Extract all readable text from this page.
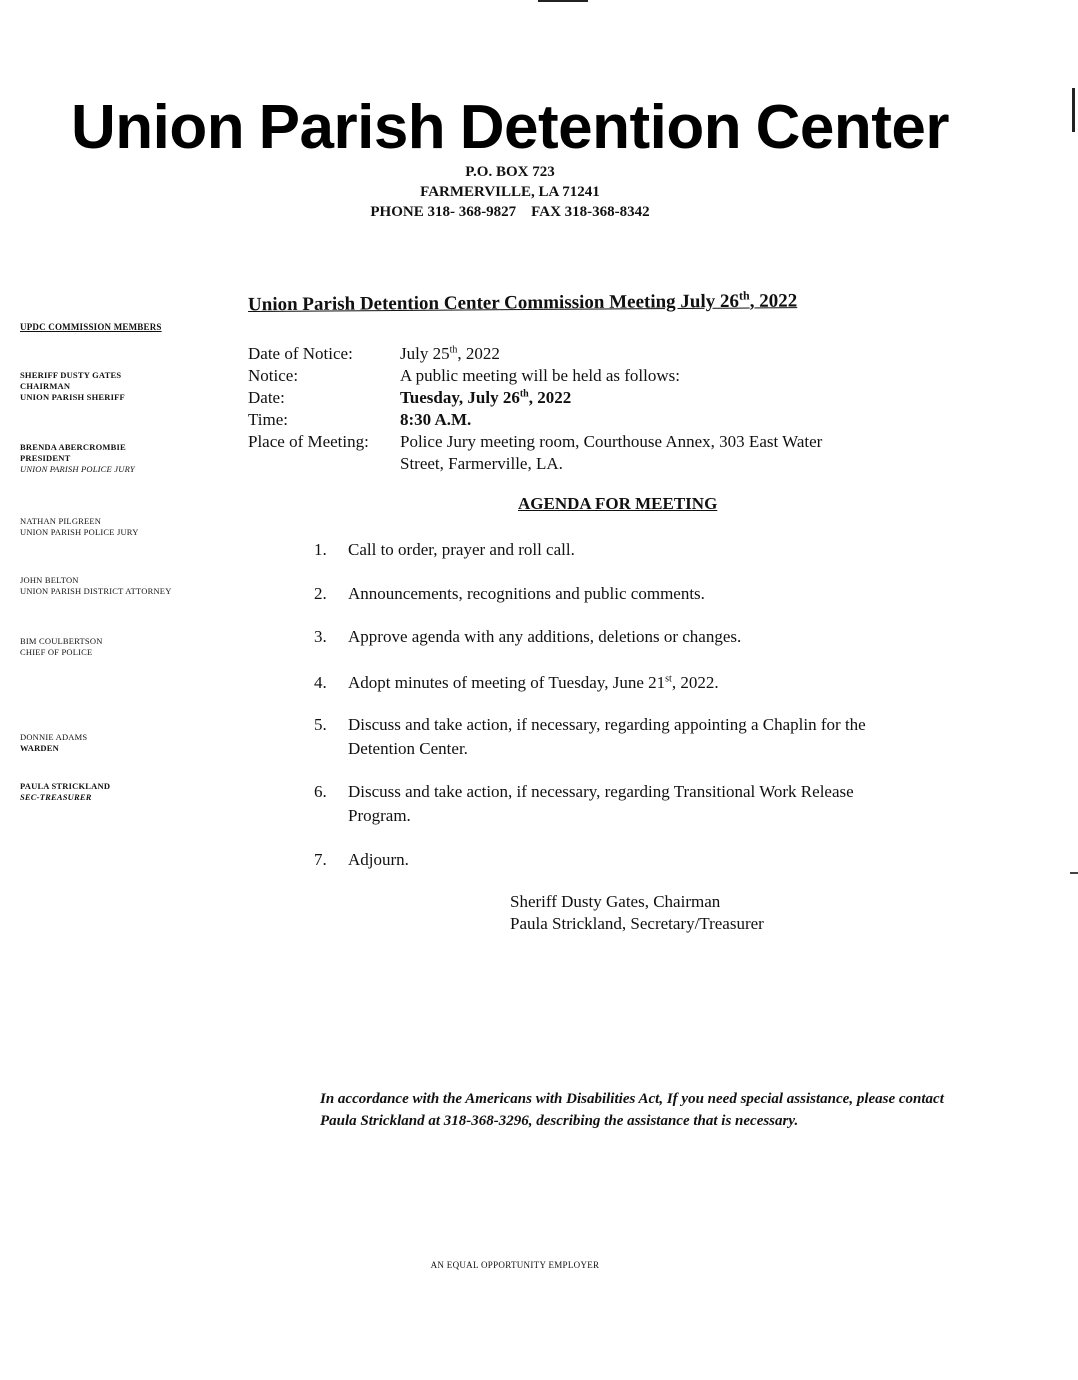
Union Parish Detention Center
P.O. BOX 723
FARMERVILLE, LA 71241
PHONE 318- 368-9827    FAX 318-368-8342
Union Parish Detention Center Commission Meeting July 26th, 2022
UPDC COMMISSION MEMBERS
SHERIFF DUSTY GATES
CHAIRMAN
UNION PARISH SHERIFF
BRENDA ABERCROMBIE
PRESIDENT
UNION PARISH POLICE JURY
NATHAN PILGREEN
UNION PARISH POLICE JURY
JOHN BELTON
UNION PARISH DISTRICT ATTORNEY
BIM COULBERTSON
CHIEF OF POLICE
DONNIE ADAMS
WARDEN
PAULA STRICKLAND
SEC-TREASURER
Date of Notice:	July 25th, 2022
Notice:	A public meeting will be held as follows:
Date:	Tuesday, July 26th, 2022
Time:	8:30 A.M.
Place of Meeting: Police Jury meeting room, Courthouse Annex, 303 East Water
Street, Farmerville, LA.
AGENDA FOR MEETING
1. Call to order, prayer and roll call.
2. Announcements, recognitions and public comments.
3. Approve agenda with any additions, deletions or changes.
4. Adopt minutes of meeting of Tuesday, June 21st, 2022.
5. Discuss and take action, if necessary, regarding appointing a Chaplin for the
Detention Center.
6. Discuss and take action, if necessary, regarding Transitional Work Release
Program.
7. Adjourn.
Sheriff Dusty Gates, Chairman
Paula Strickland, Secretary/Treasurer
In accordance with the Americans with Disabilities Act, If you need special assistance, please contact Paula Strickland at 318-368-3296, describing the assistance that is necessary.
AN EQUAL OPPORTUNITY EMPLOYER
